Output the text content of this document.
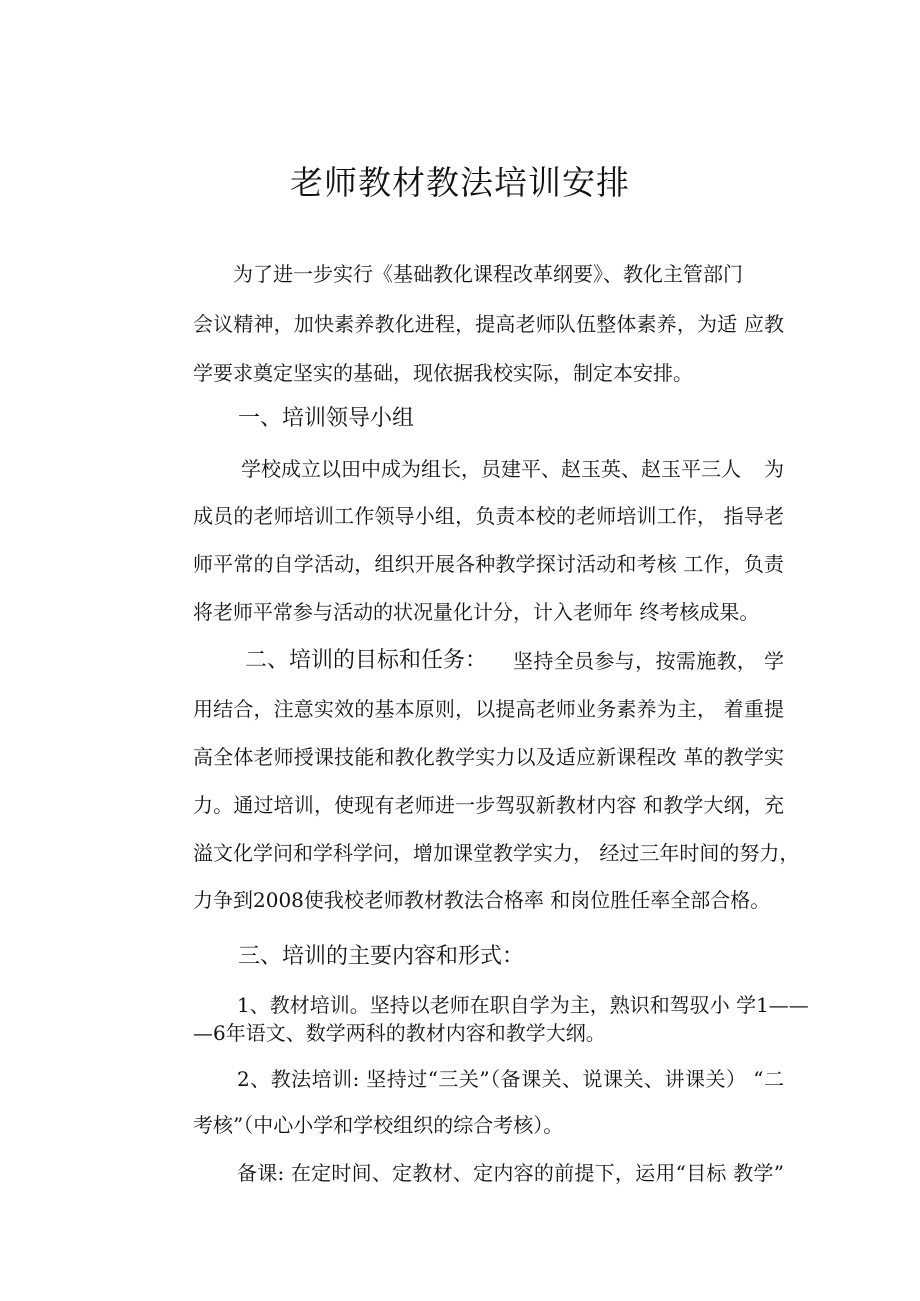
老师教材教法培训安排

为了进一步实行《基础教化课程改革纲要》、教化主管部门

会议精神，加快素养教化进程，提高老师队伍整体素养，为适 应教

学要求奠定坚实的基础，现依据我校实际，制定本安排。

一、培训领导小组

学校成立以田中成为组长，员建平、赵玉英、赵玉平三人 为

成员的老师培训工作领导小组，负责本校的老师培训工作， 指导老

师平常的自学活动，组织开展各种教学探讨活动和考核 工作，负责

将老师平常参与活动的状况量化计分，计入老师年 终考核成果。

二、培训的目标和任务： 坚持全员参与，按需施教， 学

用结合，注意实效的基本原则，以提高老师业务素养为主， 着重提

高全体老师授课技能和教化教学实力以及适应新课程改 革的教学实

力。通过培训，使现有老师进一步驾驭新教材内容 和教学大纲，充

溢文化学问和学科学问，增加课堂教学实力， 经过三年时间的努力，

力争到2008使我校老师教材教法合格率 和岗位胜任率全部合格。

三、培训的主要内容和形式：

1、教材培训。坚持以老师在职自学为主，熟识和驾驭小 学1——

—6年语文、数学两科的教材内容和教学大纲。

2、教法培训: 坚持过“三关”（备课关、说课关、讲课关） “二

考核”（中心小学和学校组织的综合考核）。

备课: 在定时间、定教材、定内容的前提下，运用“目标 教学”
